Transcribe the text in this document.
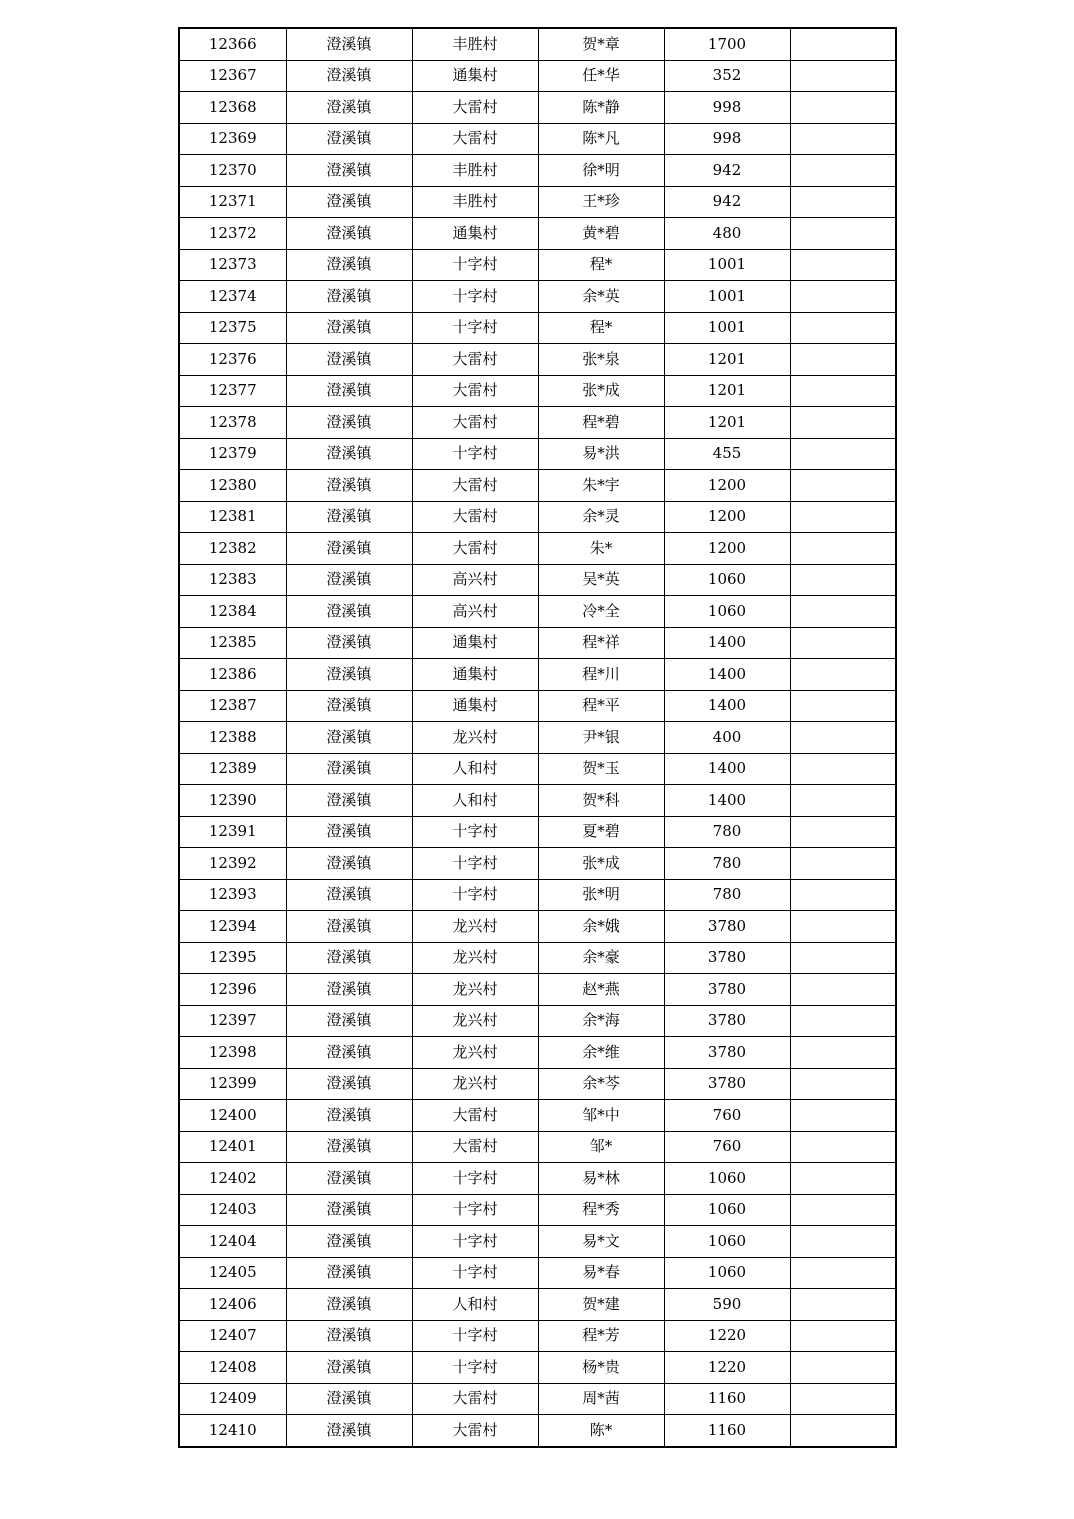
12366	澄溪镇	丰胜村	贺*章	1700	
12367	澄溪镇	通集村	任*华	352	
12368	澄溪镇	大雷村	陈*静	998	
12369	澄溪镇	大雷村	陈*凡	998	
12370	澄溪镇	丰胜村	徐*明	942	
12371	澄溪镇	丰胜村	王*珍	942	
12372	澄溪镇	通集村	黄*碧	480	
12373	澄溪镇	十字村	程*	1001	
12374	澄溪镇	十字村	余*英	1001	
12375	澄溪镇	十字村	程*	1001	
12376	澄溪镇	大雷村	张*泉	1201	
12377	澄溪镇	大雷村	张*成	1201	
12378	澄溪镇	大雷村	程*碧	1201	
12379	澄溪镇	十字村	易*洪	455	
12380	澄溪镇	大雷村	朱*宇	1200	
12381	澄溪镇	大雷村	余*灵	1200	
12382	澄溪镇	大雷村	朱*	1200	
12383	澄溪镇	高兴村	吴*英	1060	
12384	澄溪镇	高兴村	冷*全	1060	
12385	澄溪镇	通集村	程*祥	1400	
12386	澄溪镇	通集村	程*川	1400	
12387	澄溪镇	通集村	程*平	1400	
12388	澄溪镇	龙兴村	尹*银	400	
12389	澄溪镇	人和村	贺*玉	1400	
12390	澄溪镇	人和村	贺*科	1400	
12391	澄溪镇	十字村	夏*碧	780	
12392	澄溪镇	十字村	张*成	780	
12393	澄溪镇	十字村	张*明	780	
12394	澄溪镇	龙兴村	余*娥	3780	
12395	澄溪镇	龙兴村	余*豪	3780	
12396	澄溪镇	龙兴村	赵*燕	3780	
12397	澄溪镇	龙兴村	余*海	3780	
12398	澄溪镇	龙兴村	余*维	3780	
12399	澄溪镇	龙兴村	余*芩	3780	
12400	澄溪镇	大雷村	邹*中	760	
12401	澄溪镇	大雷村	邹*	760	
12402	澄溪镇	十字村	易*林	1060	
12403	澄溪镇	十字村	程*秀	1060	
12404	澄溪镇	十字村	易*文	1060	
12405	澄溪镇	十字村	易*春	1060	
12406	澄溪镇	人和村	贺*建	590	
12407	澄溪镇	十字村	程*芳	1220	
12408	澄溪镇	十字村	杨*贵	1220	
12409	澄溪镇	大雷村	周*茜	1160	
12410	澄溪镇	大雷村	陈*	1160	
